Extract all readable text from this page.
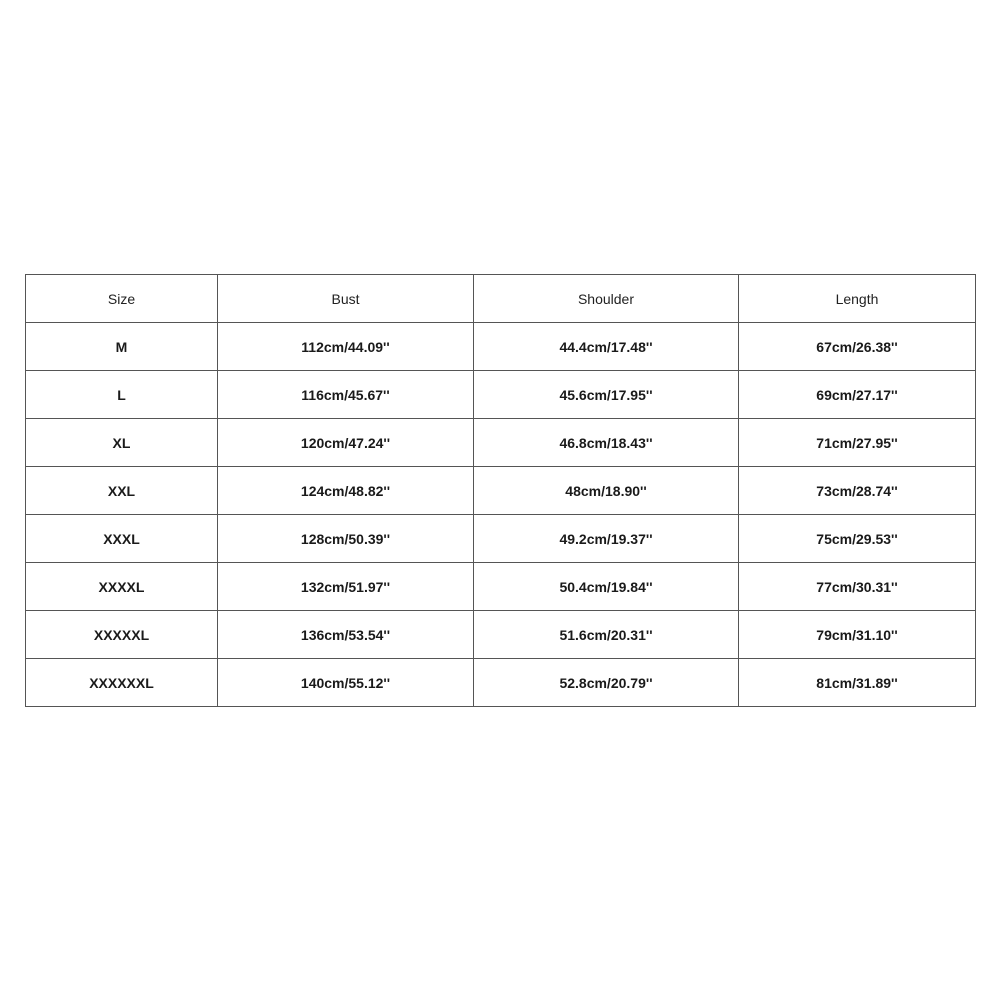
Size	Bust	Shoulder	Length
M	112cm/44.09''	44.4cm/17.48''	67cm/26.38''
L	116cm/45.67''	45.6cm/17.95''	69cm/27.17''
XL	120cm/47.24''	46.8cm/18.43''	71cm/27.95''
XXL	124cm/48.82''	48cm/18.90''	73cm/28.74''
XXXL	128cm/50.39''	49.2cm/19.37''	75cm/29.53''
XXXXL	132cm/51.97''	50.4cm/19.84''	77cm/30.31''
XXXXXL	136cm/53.54''	51.6cm/20.31''	79cm/31.10''
XXXXXXL	140cm/55.12''	52.8cm/20.79''	81cm/31.89''
